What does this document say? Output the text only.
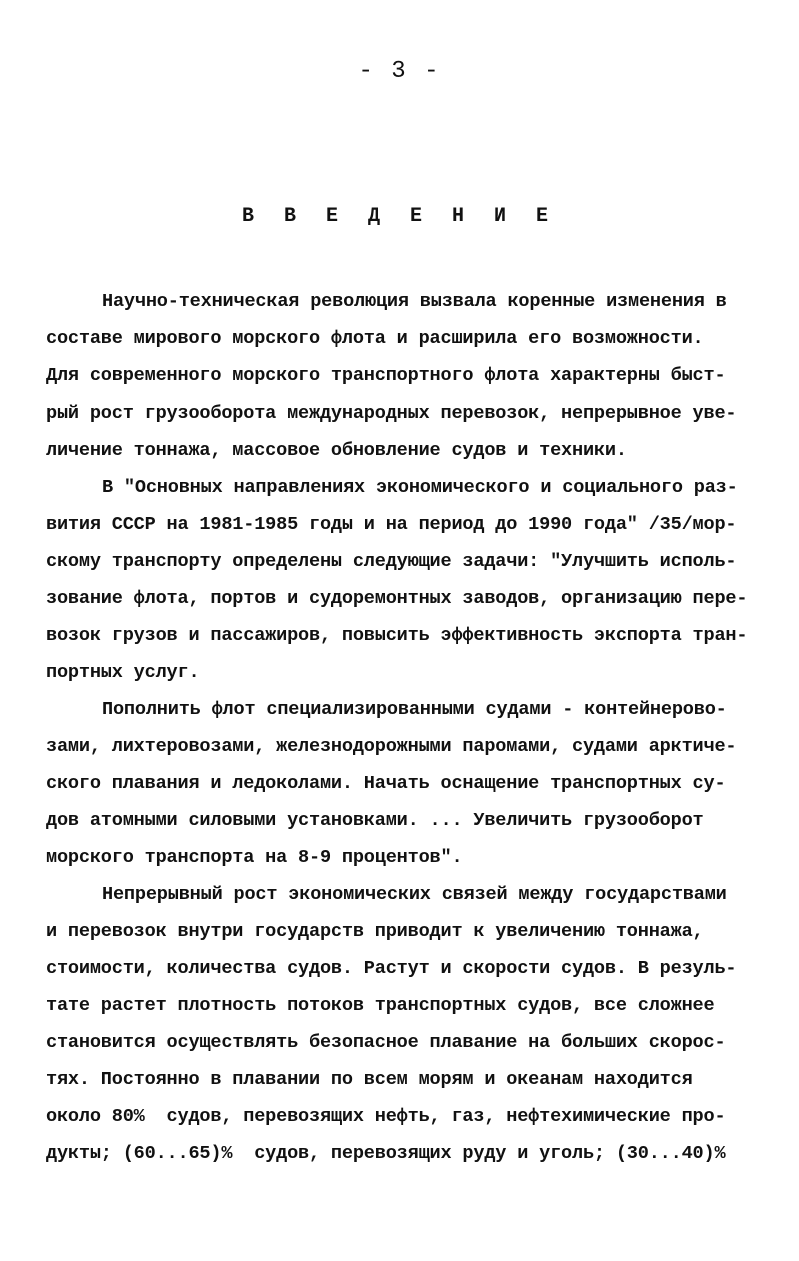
- 3 -
В В Е Д Е Н И Е
Научно-техническая революция вызвала коренные изменения в
составе мирового морского флота и расширила его возможности.
Для современного морского транспортного флота характерны быст-
рый рост грузооборота международных перевозок, непрерывное уве-
личение тоннажа, массовое обновление судов и техники.
В "Основных направлениях экономического и социального раз-
вития СССР на 1981-1985 годы и на период до 1990 года" /35/мор-
скому транспорту определены следующие задачи: "Улучшить исполь-
зование флота, портов и судоремонтных заводов, организацию пере-
возок грузов и пассажиров, повысить эффективность экспорта тран-
портных услуг.
Пополнить флот специализированными судами - контейнерово-
зами, лихтеровозами, железнодорожными паромами, судами арктиче-
ского плавания и ледоколами. Начать оснащение транспортных су-
дов атомными силовыми установками. ... Увеличить грузооборот
морского транспорта на 8-9 процентов".
Непрерывный рост экономических связей между государствами
и перевозок внутри государств приводит к увеличению тоннажа,
стоимости, количества судов. Растут и скорости судов. В резуль-
тате растет плотность потоков транспортных судов, все сложнее
становится осуществлять безопасное плавание на больших скорос-
тях. Постоянно в плавании по всем морям и океанам находится
около 80%  судов, перевозящих нефть, газ, нефтехимические про-
дукты; (60...65)%  судов, перевозящих руду и уголь; (30...40)%
